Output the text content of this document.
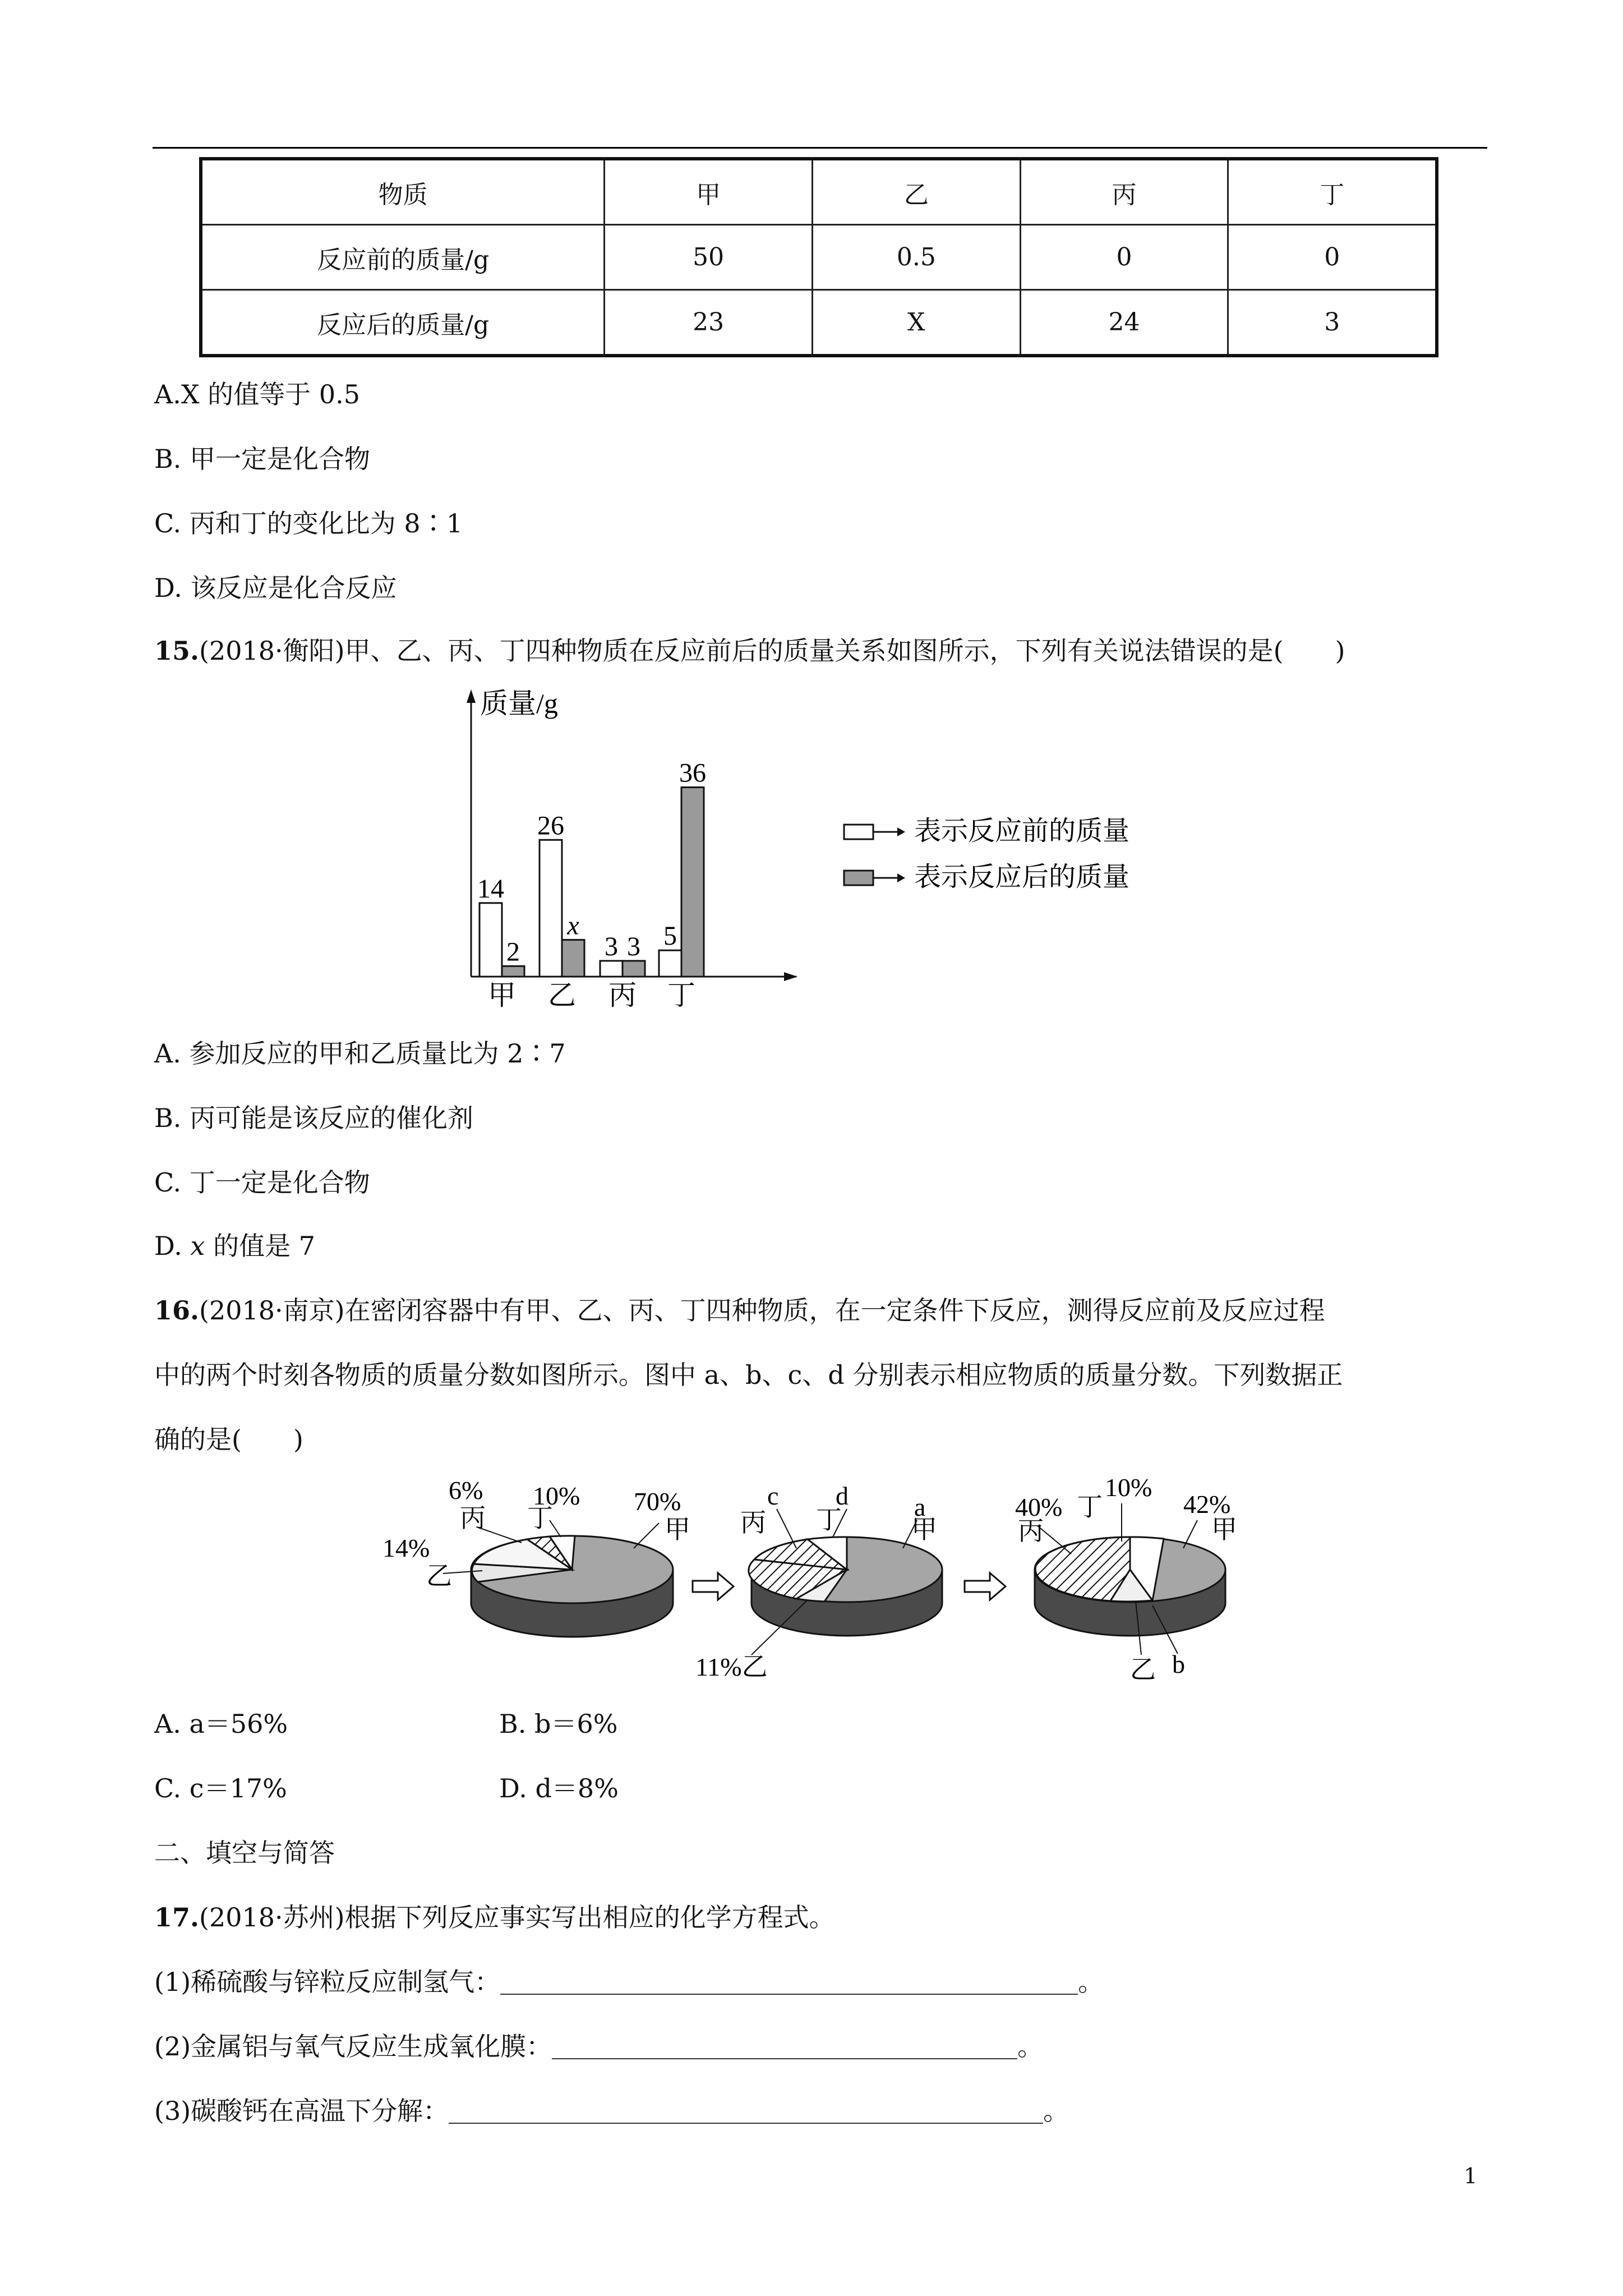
物质	甲	乙	丙	丁
反应前的质量/g	50	0.5	0	0
反应后的质量/g	23	X	24	3
A.X 的值等于 0.5
B. 甲一定是化合物
C. 丙和丁的变化比为 8∶1
D. 该反应是化合反应
15.(2018·衡阳)甲、乙、丙、丁四种物质在反应前后的质量关系如图所示，下列有关说法错误的是(　　)
质量/g
14
2
甲
26
x
乙
3 3
丙
5
36
丁
表示反应前的质量
表示反应后的质量
A. 参加反应的甲和乙质量比为 2∶7
B. 丙可能是该反应的催化剂
C. 丁一定是化合物
D. x 的值是 7
16.(2018·南京)在密闭容器中有甲、乙、丙、丁四种物质，在一定条件下反应，测得反应前及反应过程
中的两个时刻各物质的质量分数如图所示。图中 a、b、c、d 分别表示相应物质的质量分数。下列数据正
确的是(　　)
6%
丙
10%
丁
70%
甲
14%
乙
c
丙
d
丁	a
甲
11%乙
40%
丙
丁
10%
42%
甲
乙 b
A. a＝56%	B. b＝6%
C. c＝17%	D. d＝8%
二、填空与简答
17.(2018·苏州)根据下列反应事实写出相应的化学方程式。
(1)稀硫酸与锌粒反应制氢气：	。
(2)金属铝与氧气反应生成氧化膜：	。
(3)碳酸钙在高温下分解：	。
1
